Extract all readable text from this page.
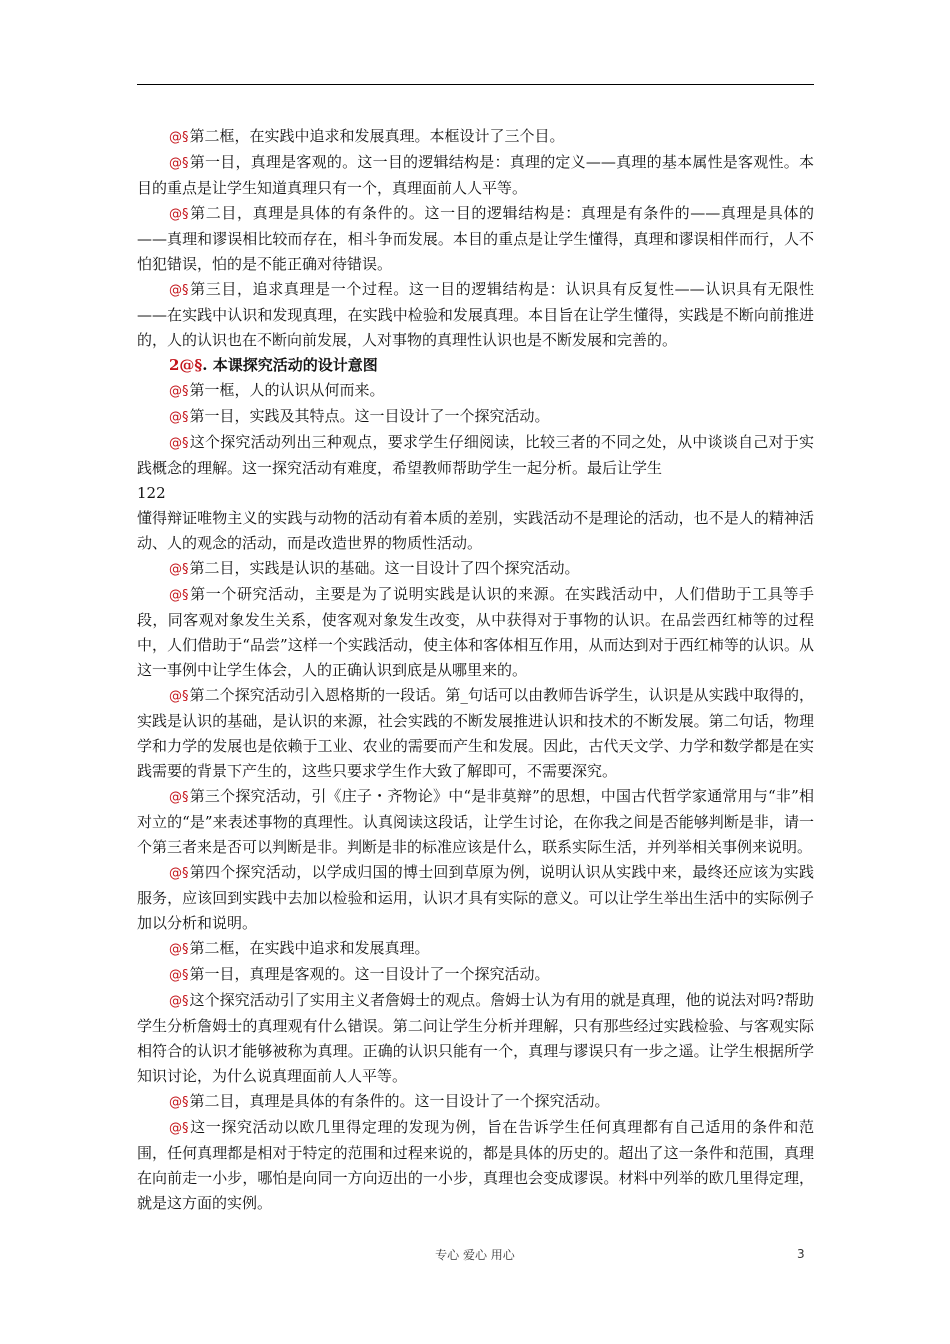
@§第二框，在实践中追求和发展真理。本框设计了三个目。

@§第一目，真理是客观的。这一目的逻辑结构是：真理的定义——真理的基本属性是客观性。本目的重点是让学生知道真理只有一个，真理面前人人平等。

@§第二目，真理是具体的有条件的。这一目的逻辑结构是：真理是有条件的——真理是具体的——真理和谬误相比较而存在，相斗争而发展。本目的重点是让学生懂得，真理和谬误相伴而行，人不怕犯错误，怕的是不能正确对待错误。

@§第三目，追求真理是一个过程。这一目的逻辑结构是：认识具有反复性——认识具有无限性——在实践中认识和发现真理，在实践中检验和发展真理。本目旨在让学生懂得，实践是不断向前推进的，人的认识也在不断向前发展，人对事物的真理性认识也是不断发展和完善的。

2@§. 本课探究活动的设计意图

@§第一框，人的认识从何而来。

@§第一目，实践及其特点。这一目设计了一个探究活动。

@§这个探究活动列出三种观点，要求学生仔细阅读，比较三者的不同之处，从中谈谈自己对于实践概念的理解。这一探究活动有难度，希望教师帮助学生一起分析。最后让学生

122

懂得辩证唯物主义的实践与动物的活动有着本质的差别，实践活动不是理论的活动，也不是人的精神活动、人的观念的活动，而是改造世界的物质性活动。

@§第二目，实践是认识的基础。这一目设计了四个探究活动。

@§第一个研究活动，主要是为了说明实践是认识的来源。在实践活动中，人们借助于工具等手段，同客观对象发生关系，使客观对象发生改变，从中获得对于事物的认识。在品尝西红柿等的过程中，人们借助于“品尝”这样一个实践活动，使主体和客体相互作用，从而达到对于西红柿等的认识。从这一事例中让学生体会，人的正确认识到底是从哪里来的。

@§第二个探究活动引入恩格斯的一段话。第_句话可以由教师告诉学生，认识是从实践中取得的，实践是认识的基础，是认识的来源，社会实践的不断发展推进认识和技术的不断发展。第二句话，物理学和力学的发展也是依赖于工业、农业的需要而产生和发展。因此，古代天文学、力学和数学都是在实践需要的背景下产生的，这些只要求学生作大致了解即可，不需要深究。

@§第三个探究活动，引《庄子・齐物论》中“是非莫辩”的思想，中国古代哲学家通常用与“非”相对立的“是”来表述事物的真理性。认真阅读这段话，让学生讨论，在你我之间是否能够判断是非，请一个第三者来是否可以判断是非。判断是非的标准应该是什么，联系实际生活，并列举相关事例来说明。

@§第四个探究活动，以学成归国的博士回到草原为例，说明认识从实践中来，最终还应该为实践服务，应该回到实践中去加以检验和运用，认识才具有实际的意义。可以让学生举出生活中的实际例子加以分析和说明。

@§第二框，在实践中追求和发展真理。

@§第一目，真理是客观的。这一目设计了一个探究活动。

@§这个探究活动引了实用主义者詹姆士的观点。詹姆士认为有用的就是真理，他的说法对吗?帮助学生分析詹姆士的真理观有什么错误。第二问让学生分析并理解，只有那些经过实践检验、与客观实际相符合的认识才能够被称为真理。正确的认识只能有一个，真理与谬误只有一步之遥。让学生根据所学知识讨论，为什么说真理面前人人平等。

@§第二目，真理是具体的有条件的。这一目设计了一个探究活动。

@§这一探究活动以欧几里得定理的发现为例，旨在告诉学生任何真理都有自己适用的条件和范围，任何真理都是相对于特定的范围和过程来说的，都是具体的历史的。超出了这一条件和范围，真理在向前走一小步，哪怕是向同一方向迈出的一小步，真理也会变成谬误。材料中列举的欧几里得定理，就是这方面的实例。

专心 爱心 用心	3
